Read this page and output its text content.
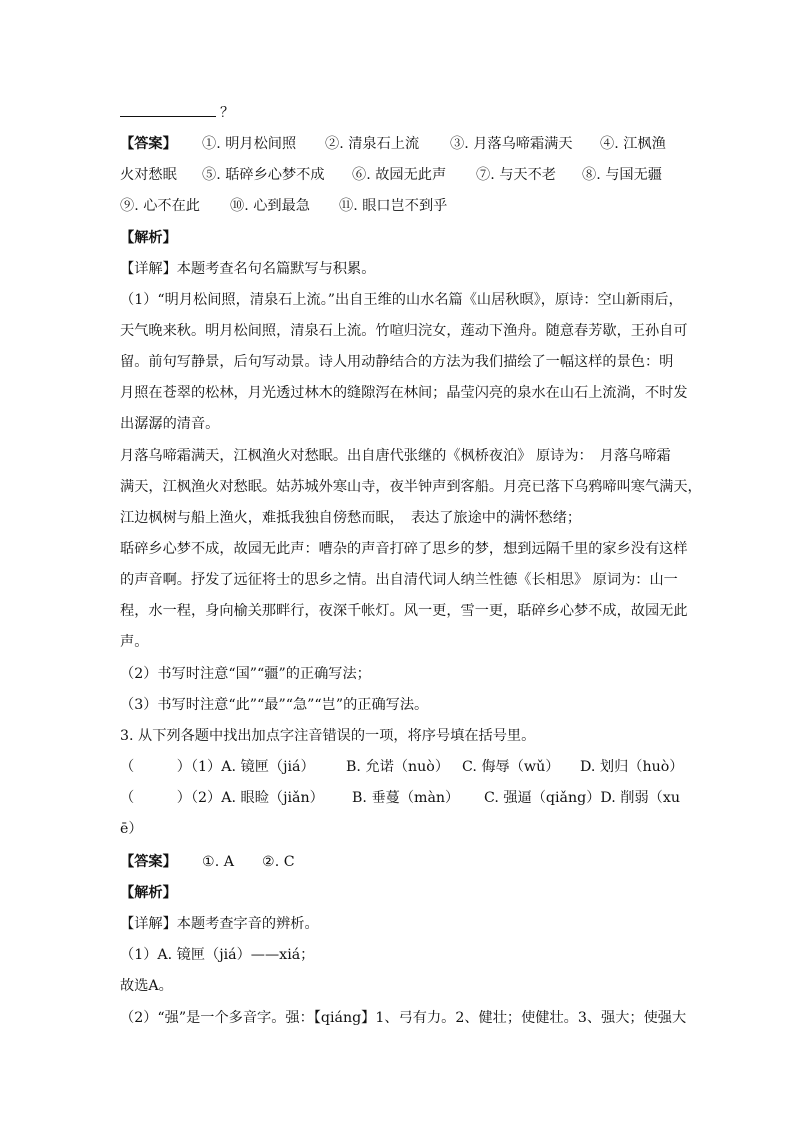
？
【答案】 ①. 明月松间照 ②. 清泉石上流 ③. 月落乌啼霜满天 ④. 江枫渔
火对愁眠 ⑤. 聒碎乡心梦不成 ⑥. 故园无此声 ⑦. 与天不老 ⑧. 与国无疆
⑨. 心不在此 ⑩. 心到最急 ⑪. 眼口岂不到乎
【解析】
【详解】本题考查名句名篇默写与积累。
（1）“明月松间照，清泉石上流。”出自王维的山水名篇《山居秋暝》，原诗：空山新雨后，
天气晚来秋。明月松间照，清泉石上流。竹喧归浣女，莲动下渔舟。随意春芳歇，王孙自可
留。前句写静景，后句写动景。诗人用动静结合的方法为我们描绘了一幅这样的景色：明
月照在苍翠的松林，月光透过林木的缝隙泻在林间；晶莹闪亮的泉水在山石上流淌，不时发
出潺潺的清音。
月落乌啼霜满天，江枫渔火对愁眠。出自唐代张继的《枫桥夜泊》 原诗为：　月落乌啼霜
满天，江枫渔火对愁眠。姑苏城外寒山寺，夜半钟声到客船。月亮已落下乌鸦啼叫寒气满天，
江边枫树与船上渔火，难抵我独自傍愁而眠，　表达了旅途中的满怀愁绪；
聒碎乡心梦不成，故园无此声：嘈杂的声音打碎了思乡的梦，想到远隔千里的家乡没有这样
的声音啊。抒发了远征将士的思乡之情。出自清代词人纳兰性德《长相思》 原词为：山一
程，水一程，身向榆关那畔行，夜深千帐灯。风一更，雪一更，聒碎乡心梦不成，故园无此
声。
（2）书写时注意“国”“疆”的正确写法；
（3）书写时注意“此”“最”“急”“岂”的正确写法。
3. 从下列各题中找出加点字注音错误的一项，将序号填在括号里。
（　　　）（1）A. 镜匣（jiá） B. 允诺（nuò） C. 侮辱（wǔ） D. 划归（huò）
（　　　）（2）A. 眼睑（jiǎn） B. 垂蔓（màn） C. 强逼（qiǎng）D. 削弱（xu
ē）
【答案】 ①. A ②. C
【解析】
【详解】本题考查字音的辨析。
（1）A. 镜匣（jiá）——xiá；
故选A。
（2）“强”是一个多音字。强：【qiáng】1、弓有力。2、健壮；使健壮。3、强大；使强大
